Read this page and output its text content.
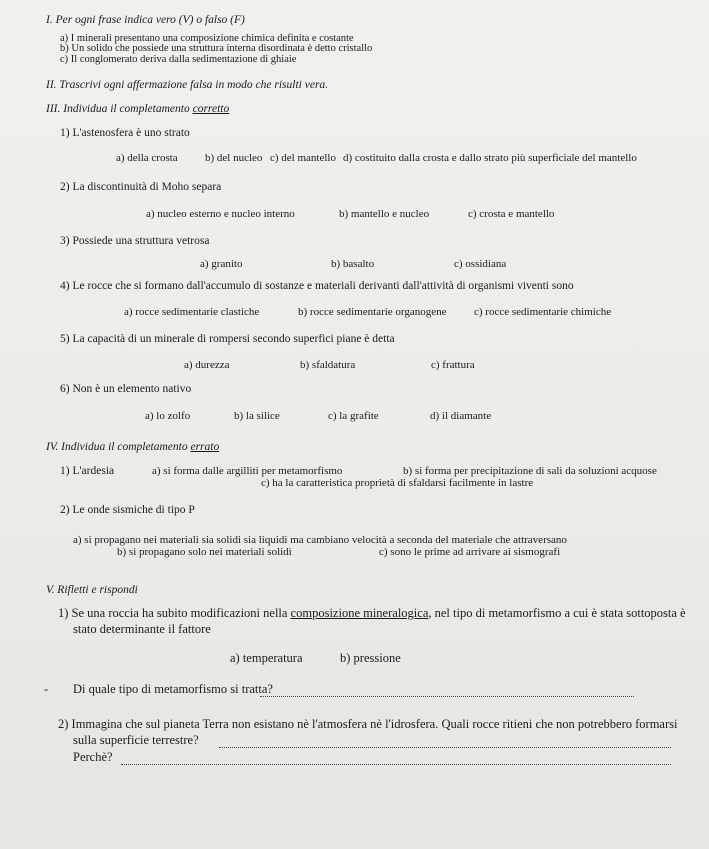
I. Per ogni frase indica vero (V) o falso (F)
a) I minerali presentano una composizione chimica definita e costante
b) Un solido che possiede una struttura interna disordinata è detto cristallo
c) Il conglomerato deriva dalla sedimentazione di ghiaie
II. Trascrivi ogni affermazione falsa in modo che risulti vera.
III. Individua il completamento corretto
1) L'astenosfera è uno strato
a) della crosta b) del nucleo c) del mantello d) costituito dalla crosta e dallo strato più superficiale del mantello
2) La discontinuità di Moho separa
a) nucleo esterno e nucleo interno	b) mantello e nucleo	c) crosta e mantello
3) Possiede una struttura vetrosa
a) granito	b) basalto	c) ossidiana
4) Le rocce che si formano dall'accumulo di sostanze e materiali derivanti dall'attività di organismi viventi sono
a) rocce sedimentarie clastiche	b) rocce sedimentarie organogene c) rocce sedimentarie chimiche
5) La capacità di un minerale di rompersi secondo superfici piane è detta
a) durezza	b) sfaldatura	c) frattura
6) Non è un elemento nativo
a) lo zolfo	b) la silice	c) la grafite	d) il diamante
IV. Individua il completamento errato
1) L'ardesia	a) si forma dalle argilliti per metamorfismo	b) si forma per precipitazione di sali da soluzioni acquose
c) ha la caratteristica proprietà di sfaldarsi facilmente in lastre
2) Le onde sismiche di tipo P
a) si propagano nei materiali sia solidi sia liquidi ma cambiano velocità a seconda del materiale che attraversano
b) si propagano solo nei materiali solidi	c) sono le prime ad arrivare ai sismografi
V. Rifletti e rispondi
1) Se una roccia ha subito modificazioni nella composizione mineralogica, nel tipo di metamorfismo a cui è stata sottoposta è
stato determinante il fattore
a) temperatura	b) pressione
- Di quale tipo di metamorfismo si tratta?
2) Immagina che sul pianeta Terra non esistano nè l'atmosfera nè l'idrosfera. Quali rocce ritieni che non potrebbero formarsi
sulla superficie terrestre?
Perchè?
